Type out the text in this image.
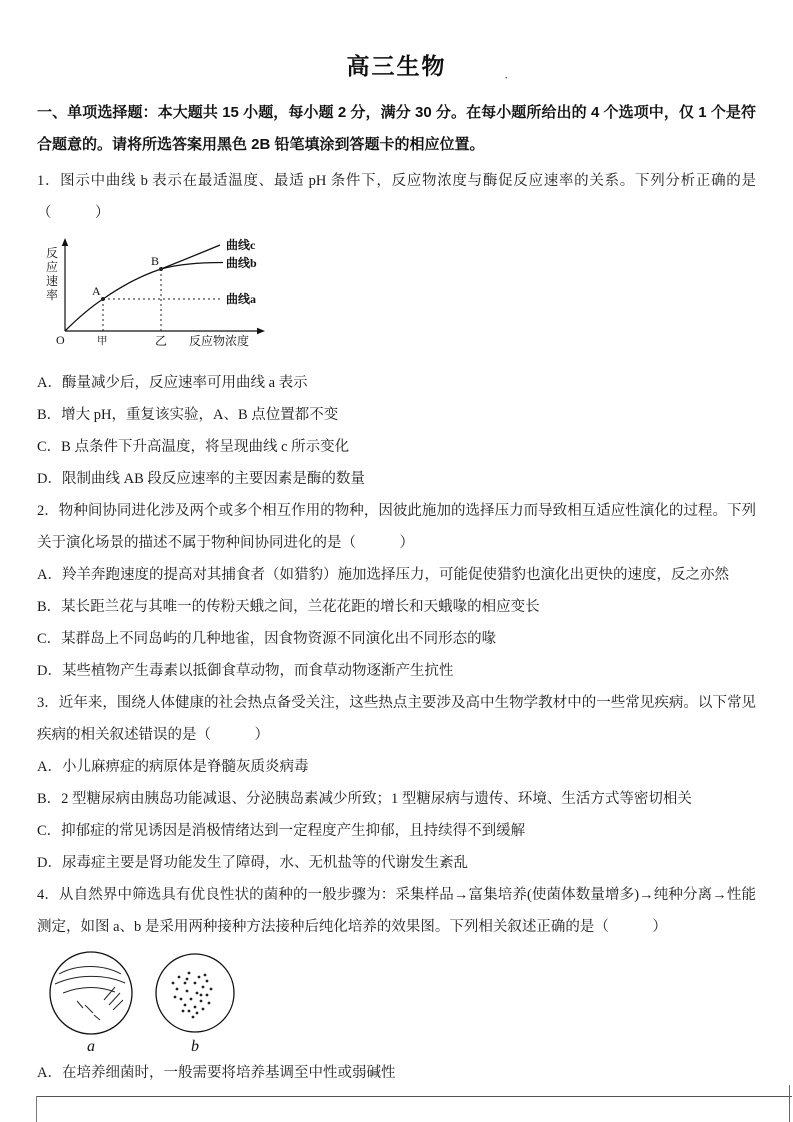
高三生物	·

一、单项选择题：本大题共 15 小题，每小题 2 分，满分 30 分。在每小题所给出的 4 个选项中，仅 1 个是符合题意的。请将所选答案用黑色 2B 铅笔填涂到答题卡的相应位置。

1．图示中曲线 b 表示在最适温度、最适 pH 条件下，反应物浓度与酶促反应速率的关系。下列分析正确的是（　　　）

反
应
速
率	A
B
曲线c
曲线b
曲线a
O	甲	乙 反应物浓度

A．酶量减少后，反应速率可用曲线 a 表示

B．增大 pH，重复该实验，A、B 点位置都不变

C．B 点条件下升高温度，将呈现曲线 c 所示变化

D．限制曲线 AB 段反应速率的主要因素是酶的数量

2．物种间协同进化涉及两个或多个相互作用的物种，因彼此施加的选择压力而导致相互适应性演化的过程。下列关于演化场景的描述不属于物种间协同进化的是（　　　）

A．羚羊奔跑速度的提高对其捕食者（如猎豹）施加选择压力，可能促使猎豹也演化出更快的速度，反之亦然

B．某长距兰花与其唯一的传粉天蛾之间，兰花花距的增长和天蛾喙的相应变长

C．某群岛上不同岛屿的几种地雀，因食物资源不同演化出不同形态的喙

D．某些植物产生毒素以抵御食草动物，而食草动物逐渐产生抗性

3．近年来，围绕人体健康的社会热点备受关注，这些热点主要涉及高中生物学教材中的一些常见疾病。以下常见疾病的相关叙述错误的是（　　　）

A．小儿麻痹症的病原体是脊髓灰质炎病毒

B．2 型糖尿病由胰岛功能减退、分泌胰岛素减少所致；1 型糖尿病与遗传、环境、生活方式等密切相关

C．抑郁症的常见诱因是消极情绪达到一定程度产生抑郁，且持续得不到缓解

D．尿毒症主要是肾功能发生了障碍，水、无机盐等的代谢发生紊乱

4．从自然界中筛选具有优良性状的菌种的一般步骤为：采集样品→富集培养(使菌体数量增多)→纯种分离→性能测定，如图 a、b 是采用两种接种方法接种后纯化培养的效果图。下列相关叙述正确的是（　　　）

a	b

A．在培养细菌时，一般需要将培养基调至中性或弱碱性
